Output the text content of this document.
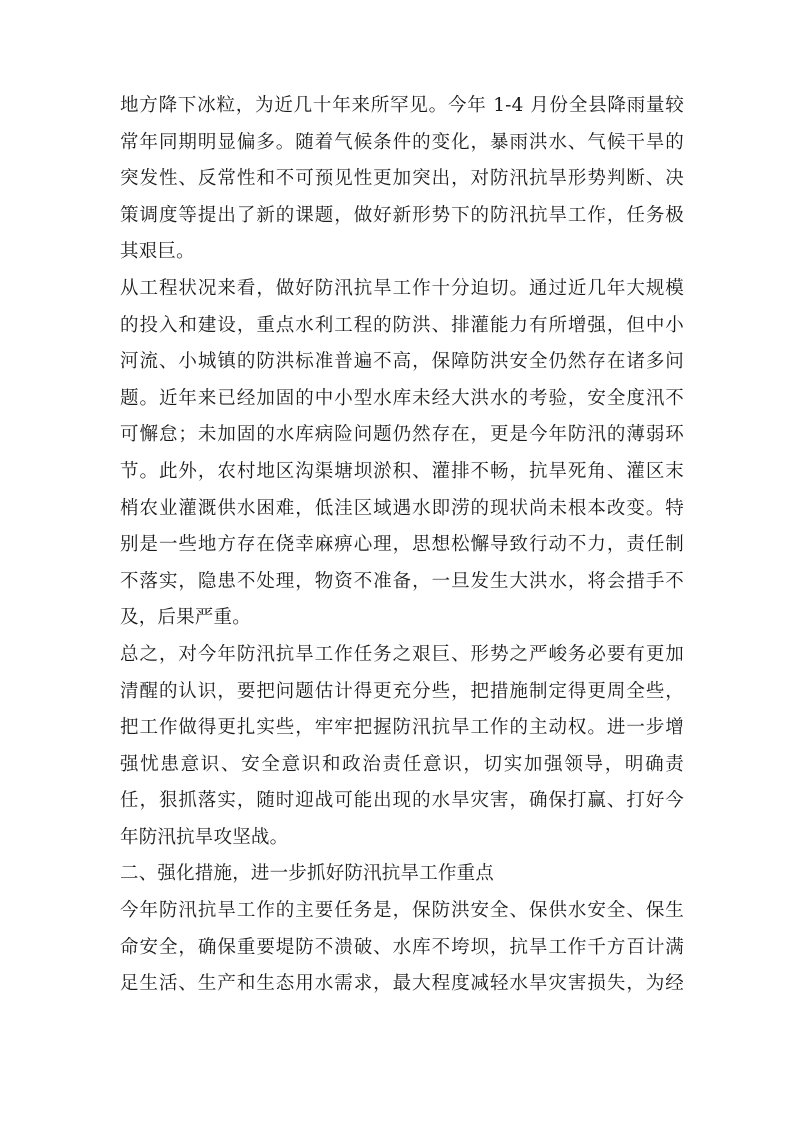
地方降下冰粒，为近几十年来所罕见。今年 1-4 月份全县降雨量较
常年同期明显偏多。随着气候条件的变化，暴雨洪水、气候干旱的
突发性、反常性和不可预见性更加突出，对防汛抗旱形势判断、决
策调度等提出了新的课题，做好新形势下的防汛抗旱工作，任务极
其艰巨。
从工程状况来看，做好防汛抗旱工作十分迫切。通过近几年大规模
的投入和建设，重点水利工程的防洪、排灌能力有所增强，但中小
河流、小城镇的防洪标准普遍不高，保障防洪安全仍然存在诸多问
题。近年来已经加固的中小型水库未经大洪水的考验，安全度汛不
可懈怠；未加固的水库病险问题仍然存在，更是今年防汛的薄弱环
节。此外，农村地区沟渠塘坝淤积、灌排不畅，抗旱死角、灌区末
梢农业灌溉供水困难，低洼区域遇水即涝的现状尚未根本改变。特
别是一些地方存在侥幸麻痹心理，思想松懈导致行动不力，责任制
不落实，隐患不处理，物资不准备，一旦发生大洪水，将会措手不
及，后果严重。
总之，对今年防汛抗旱工作任务之艰巨、形势之严峻务必要有更加
清醒的认识，要把问题估计得更充分些，把措施制定得更周全些，
把工作做得更扎实些，牢牢把握防汛抗旱工作的主动权。进一步增
强忧患意识、安全意识和政治责任意识，切实加强领导，明确责
任，狠抓落实，随时迎战可能出现的水旱灾害，确保打赢、打好今
年防汛抗旱攻坚战。
二、强化措施，进一步抓好防汛抗旱工作重点
今年防汛抗旱工作的主要任务是，保防洪安全、保供水安全、保生
命安全，确保重要堤防不溃破、水库不垮坝，抗旱工作千方百计满
足生活、生产和生态用水需求，最大程度减轻水旱灾害损失，为经
